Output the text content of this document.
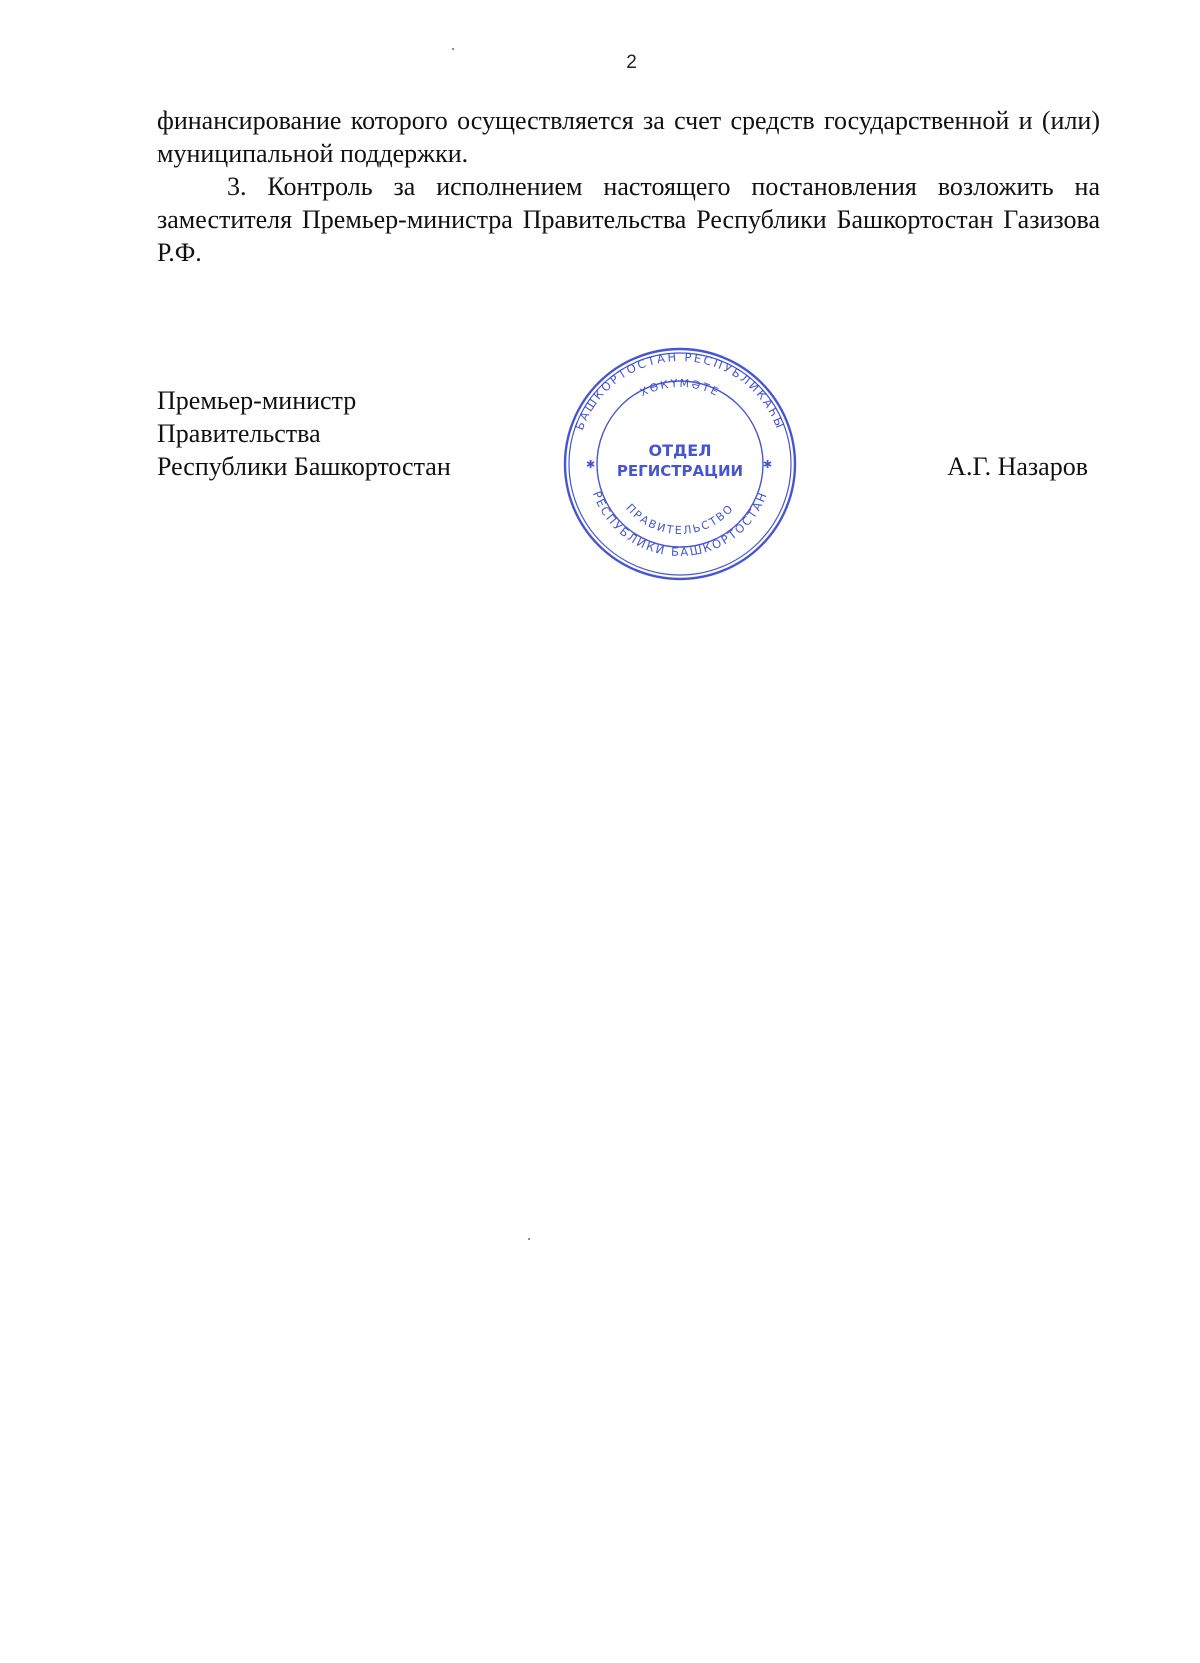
2

финансирование которого осуществляется за счет средств государственной и (или) муниципальной поддержки.

3. Контроль за исполнением настоящего постановления возложить на заместителя Премьер-министра Правительства Республики Башкортостан Газизова Р.Ф.

Премьер-министр
Правительства
Республики Башкортостан	А.Г. Назаров
БАШКОРТОСТАН РЕСПУБЛИКАҺЫ
РЕСПУБЛИКИ БАШКОРТОСТАН
ХӨКҮМӘТЕ
ПРАВИТЕЛЬСТВО
✱	✱
ОТДЕЛ
РЕГИСТРАЦИИ
